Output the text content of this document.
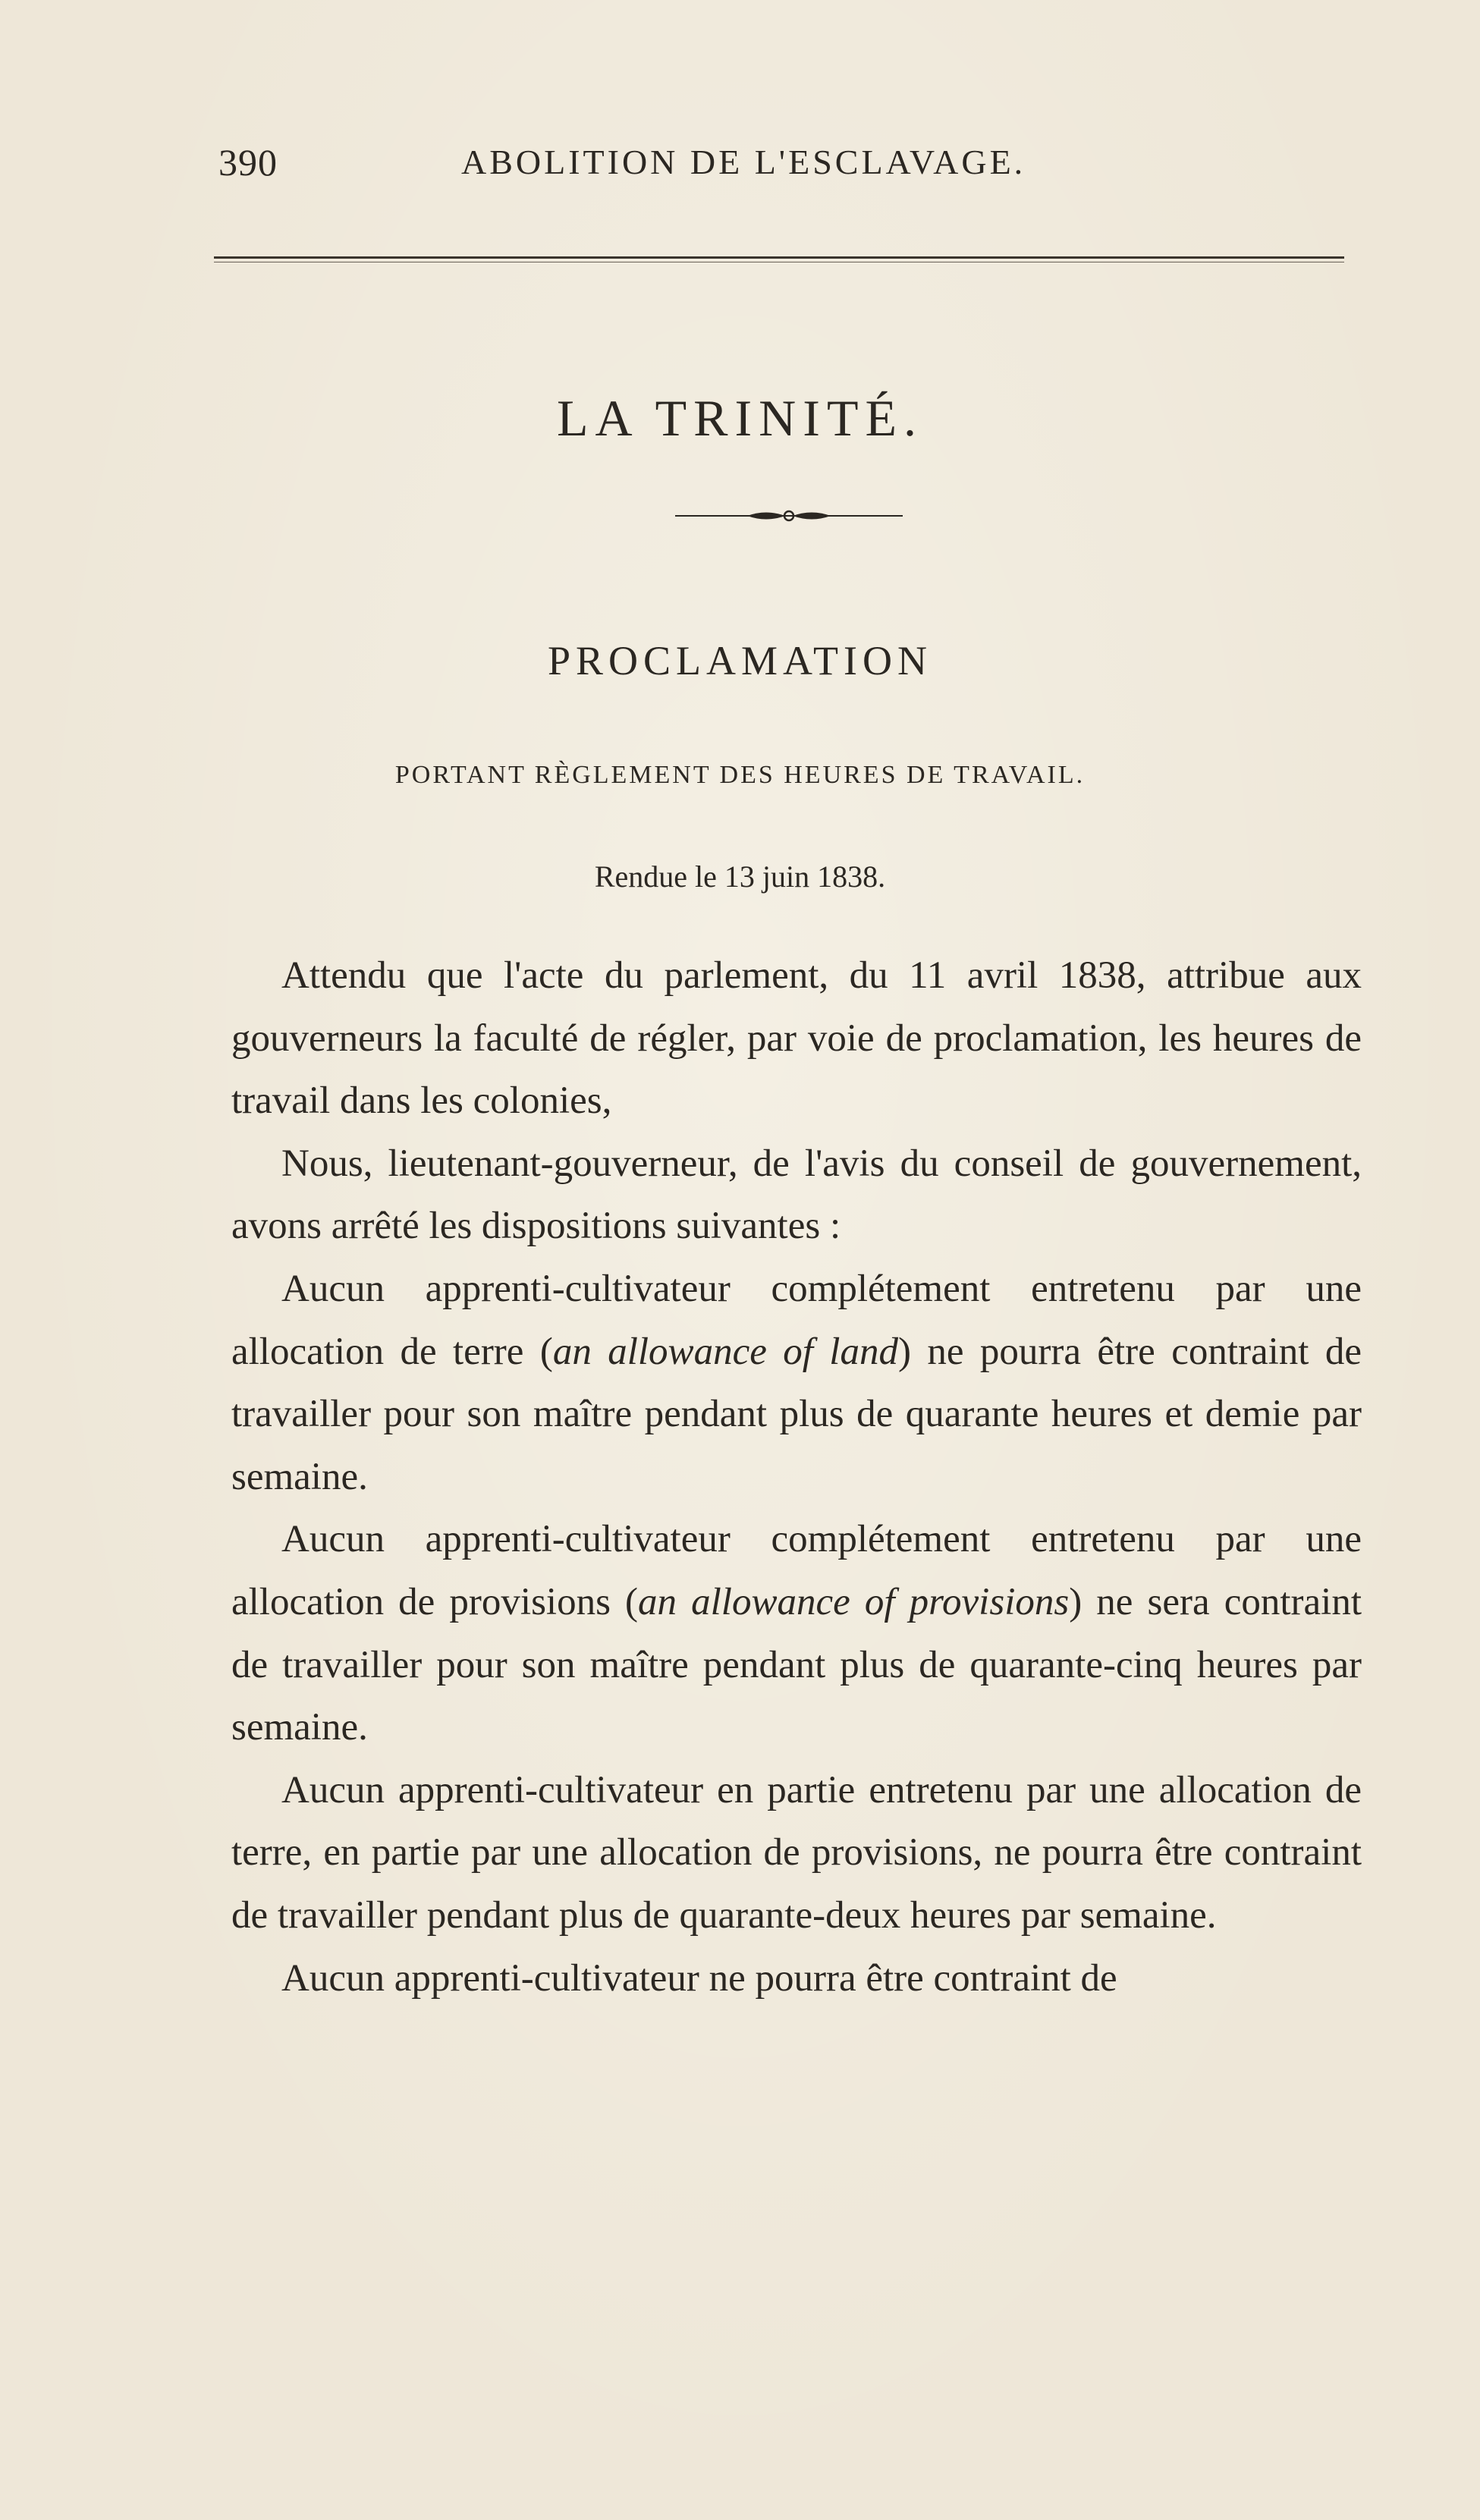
390	ABOLITION DE L'ESCLAVAGE.
LA TRINITÉ.
PROCLAMATION
PORTANT RÈGLEMENT DES HEURES DE TRAVAIL.
Rendue le 13 juin 1838.

Attendu que l'acte du parlement, du 11 avril 1838, attribue aux gouverneurs la faculté de régler, par voie de proclamation, les heures de travail dans les colonies,

Nous, lieutenant-gouverneur, de l'avis du conseil de gouvernement, avons arrêté les dispositions suivantes :

Aucun apprenti-cultivateur complétement entretenu par une allocation de terre (an allowance of land) ne pourra être contraint de travailler pour son maître pendant plus de quarante heures et demie par semaine.

Aucun apprenti-cultivateur complétement entretenu par une allocation de provisions (an allowance of provisions) ne sera contraint de travailler pour son maître pendant plus de quarante-cinq heures par semaine.

Aucun apprenti-cultivateur en partie entretenu par une allocation de terre, en partie par une allocation de provisions, ne pourra être contraint de travailler pendant plus de quarante-deux heures par semaine.

Aucun apprenti-cultivateur ne pourra être contraint de
